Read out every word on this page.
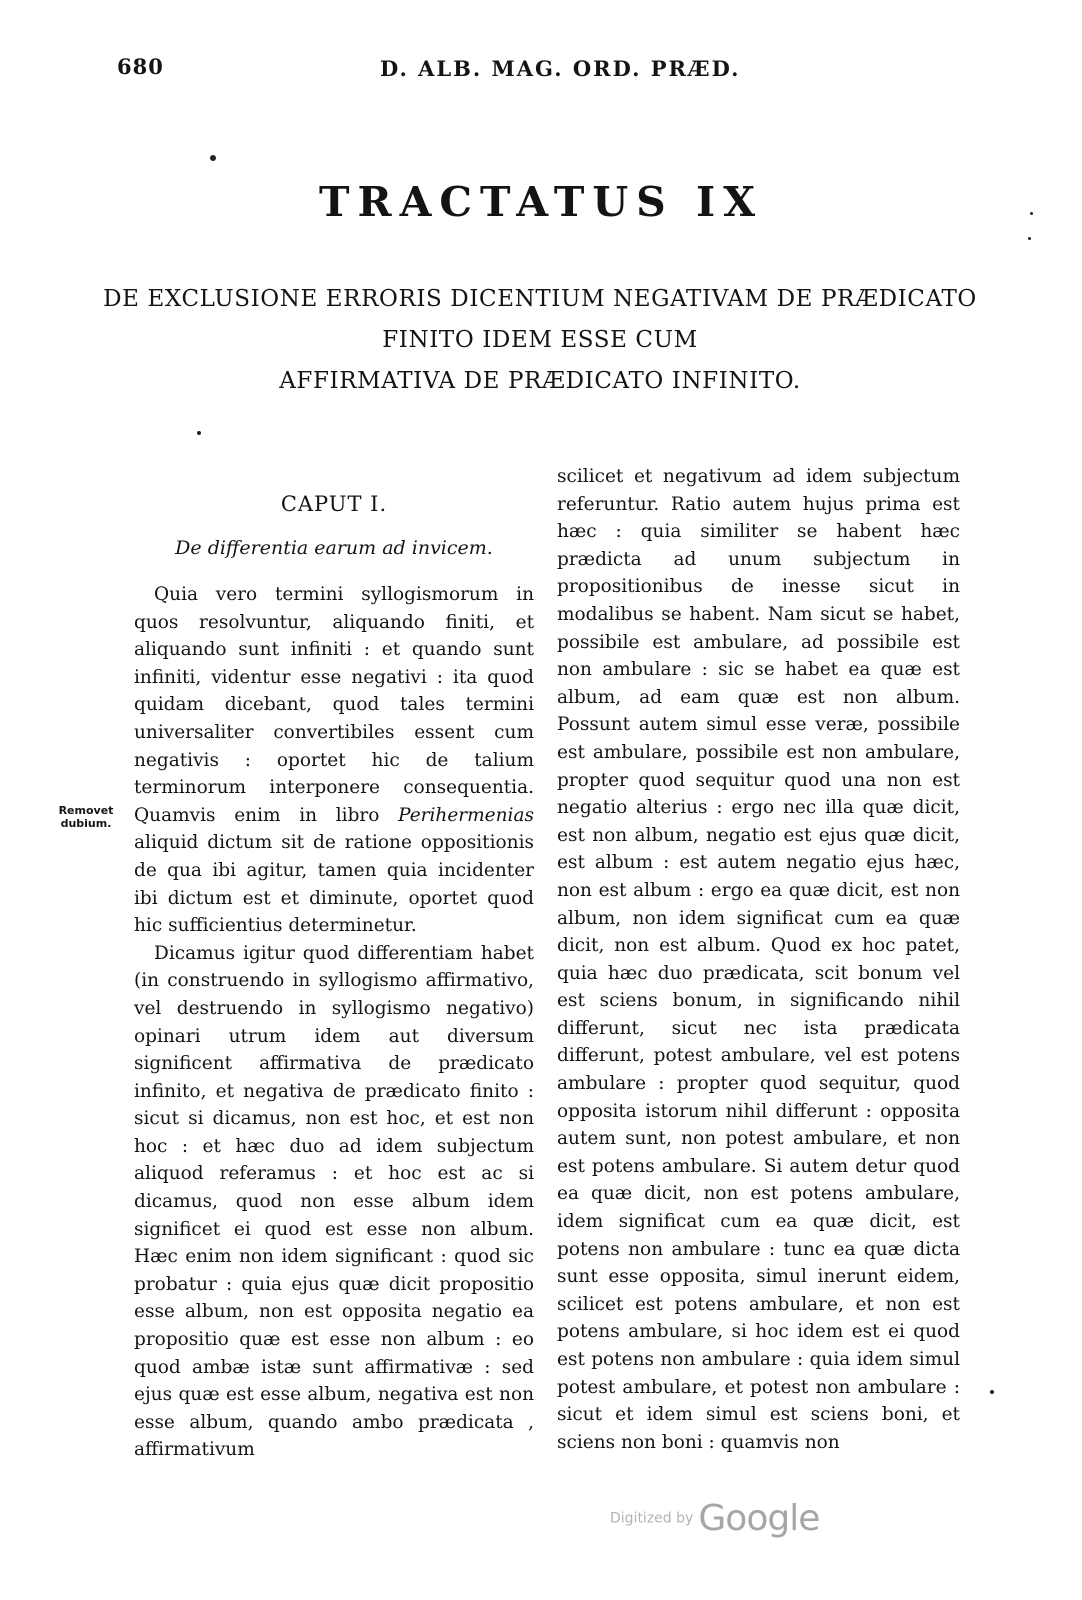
680	D. ALB. MAG. ORD. PRÆD.
TRACTATUS IX
DE EXCLUSIONE ERRORIS DICENTIUM NEGATIVAM DE PRÆDICATO
FINITO IDEM ESSE CUM
AFFIRMATIVA DE PRÆDICATO INFINITO.
CAPUT I.
De differentia earum ad invicem.

Quia vero termini syllogismorum in quos resolvuntur, aliquando finiti, et aliquando sunt infiniti : et quando sunt infiniti, videntur esse negativi : ita quod quidam dicebant, quod tales termini universaliter convertibiles essent cum negativis : oportet hic de talium terminorum interponere consequentia. Quamvis enim in libro Perihermenias aliquid dictum sit de ratione oppositionis de qua ibi agitur, tamen quia incidenter ibi dictum est et diminute, oportet quod hic sufficientius determinetur.

Dicamus igitur quod differentiam habet (in construendo in syllogismo affirmativo, vel destruendo in syllogismo negativo) opinari utrum idem aut diversum significent affirmativa de prædicato infinito, et negativa de prædicato finito : sicut si dicamus, non est hoc, et est non hoc : et hæc duo ad idem subjectum aliquod referamus : et hoc est ac si dicamus, quod non esse album idem significet ei quod est esse non album. Hæc enim non idem significant : quod sic probatur : quia ejus quæ dicit propositio esse album, non est opposita negatio ea propositio quæ est esse non album : eo quod ambæ istæ sunt affirmativæ : sed ejus quæ est esse album, negativa est non esse album, quando ambo prædicata , affirmativum

Removet dubium.

scilicet et negativum ad idem subjectum referuntur. Ratio autem hujus prima est hæc : quia similiter se habent hæc prædicta ad unum subjectum in propositionibus de inesse sicut in modalibus se habent. Nam sicut se habet, possibile est ambulare, ad possibile est non ambulare : sic se habet ea quæ est album, ad eam quæ est non album. Possunt autem simul esse veræ, possibile est ambulare, possibile est non ambulare, propter quod sequitur quod una non est negatio alterius : ergo nec illa quæ dicit, est non album, negatio est ejus quæ dicit, est album : est autem negatio ejus hæc, non est album : ergo ea quæ dicit, est non album, non idem significat cum ea quæ dicit, non est album. Quod ex hoc patet, quia hæc duo prædicata, scit bonum vel est sciens bonum, in significando nihil differunt, sicut nec ista prædicata differunt, potest ambulare, vel est potens ambulare : propter quod sequitur, quod opposita istorum nihil differunt : opposita autem sunt, non potest ambulare, et non est potens ambulare. Si autem detur quod ea quæ dicit, non est potens ambulare, idem significat cum ea quæ dicit, est potens non ambulare : tunc ea quæ dicta sunt esse opposita, simul inerunt eidem, scilicet est potens ambulare, et non est potens ambulare, si hoc idem est ei quod est potens non ambulare : quia idem simul potest ambulare, et potest non ambulare : sicut et idem simul est sciens boni, et sciens non boni : quamvis non

Digitized by Google
